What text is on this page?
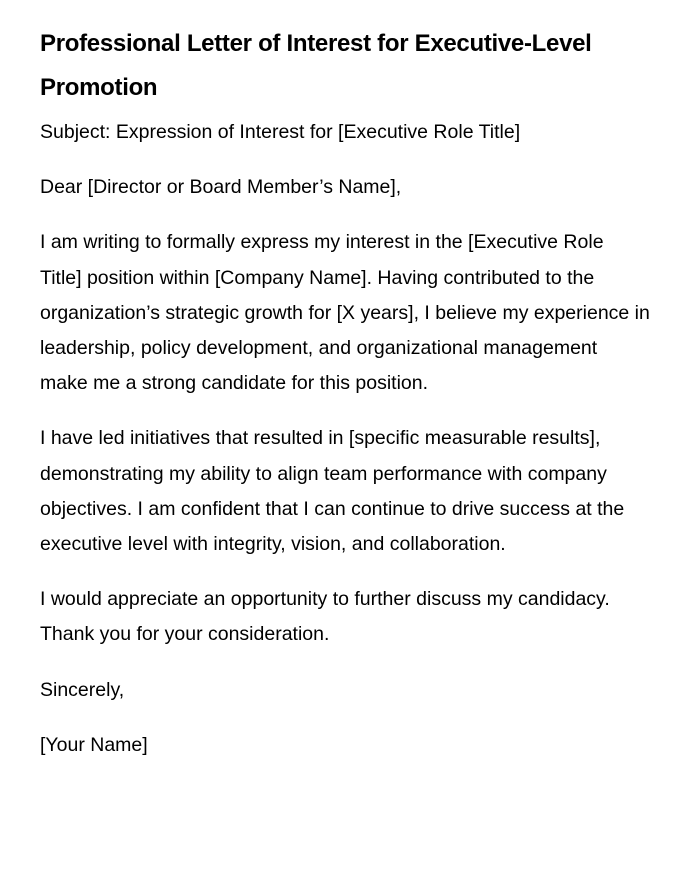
Professional Letter of Interest for Executive-Level Promotion

Subject: Expression of Interest for [Executive Role Title]

Dear [Director or Board Member’s Name],

I am writing to formally express my interest in the [Executive Role Title] position within [Company Name]. Having contributed to the organization’s strategic growth for [X years], I believe my experience in leadership, policy development, and organizational management make me a strong candidate for this position.

I have led initiatives that resulted in [specific measurable results], demonstrating my ability to align team performance with company objectives. I am confident that I can continue to drive success at the executive level with integrity, vision, and collaboration.

I would appreciate an opportunity to further discuss my candidacy. Thank you for your consideration.

Sincerely,

[Your Name]
